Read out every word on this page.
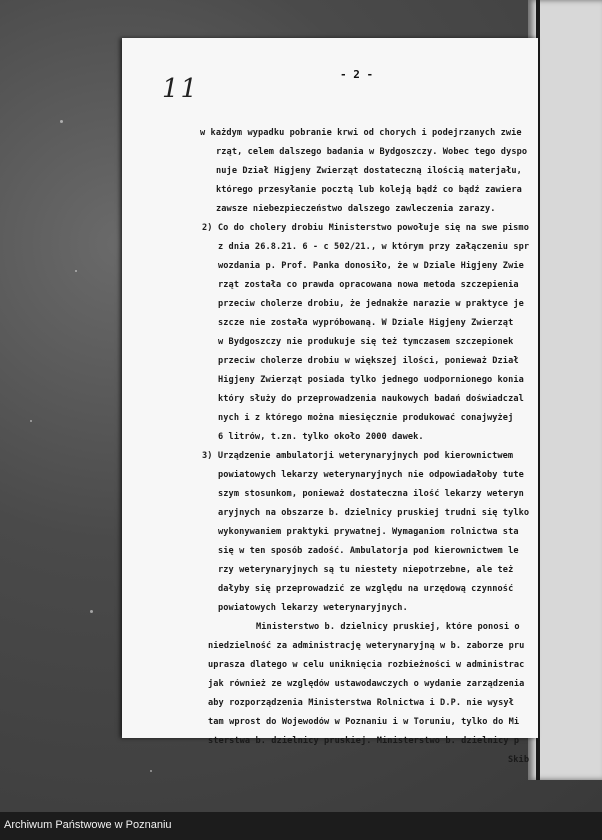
11	- 2 -
w każdym wypadku pobranie krwi od chorych i podejrzanych zwie
rząt, celem dalszego badania w Bydgoszczy. Wobec tego dyspo
nuje Dział Higjeny Zwierząt dostateczną ilością materjału,
którego przesyłanie pocztą lub koleją bądź co bądź zawiera
zawsze niebezpieczeństwo dalszego zawleczenia zarazy.
2) Co do cholery drobiu Ministerstwo powołuje się na swe pismo
z dnia 26.8.21. 6 - c 502/21., w którym przy załączeniu spr
wozdania p. Prof. Panka donosiło, że w Dziale Higjeny Zwie
rząt została co prawda opracowana nowa metoda szczepienia
przeciw cholerze drobiu, że jednakże narazie w praktyce je
szcze nie została wypróbowaną. W Dziale Higjeny Zwierząt
w Bydgoszczy nie produkuje się też tymczasem szczepionek
przeciw cholerze drobiu w większej ilości, ponieważ Dział
Higjeny Zwierząt posiada tylko jednego uodpornionego konia
który służy do przeprowadzenia naukowych badań doświadczal
nych i z którego można miesięcznie produkować conajwyżej
6 litrów, t.zn. tylko około 2000 dawek.
3) Urządzenie ambulatorji weterynaryjnych pod kierownictwem
powiatowych lekarzy weterynaryjnych nie odpowiadałoby tute
szym stosunkom, ponieważ dostateczna ilość lekarzy weteryn
aryjnych na obszarze b. dzielnicy pruskiej trudni się tylko
wykonywaniem praktyki prywatnej. Wymaganiom rolnictwa sta
się w ten sposób zadość. Ambulatorja pod kierownictwem le
rzy weterynaryjnych są tu niestety niepotrzebne, ale też
dałyby się przeprowadzić ze względu na urzędową czynność
powiatowych lekarzy weterynaryjnych.
Ministerstwo b. dzielnicy pruskiej, które ponosi o
niedzielność za administrację weterynaryjną w b. zaborze pru
uprasza dlatego w celu uniknięcia rozbieżności w administrac
jak również ze względów ustawodawczych o wydanie zarządzenia
aby rozporządzenia Ministerstwa Rolnictwa i D.P. nie wysył
tam wprost do Wojewodów w Poznaniu i w Toruniu, tylko do Mi
sterstwa b. dzielnicy pruskiej. Ministerstwo b. dzielnicy p
Skib
Archiwum Państwowe w Poznaniu
